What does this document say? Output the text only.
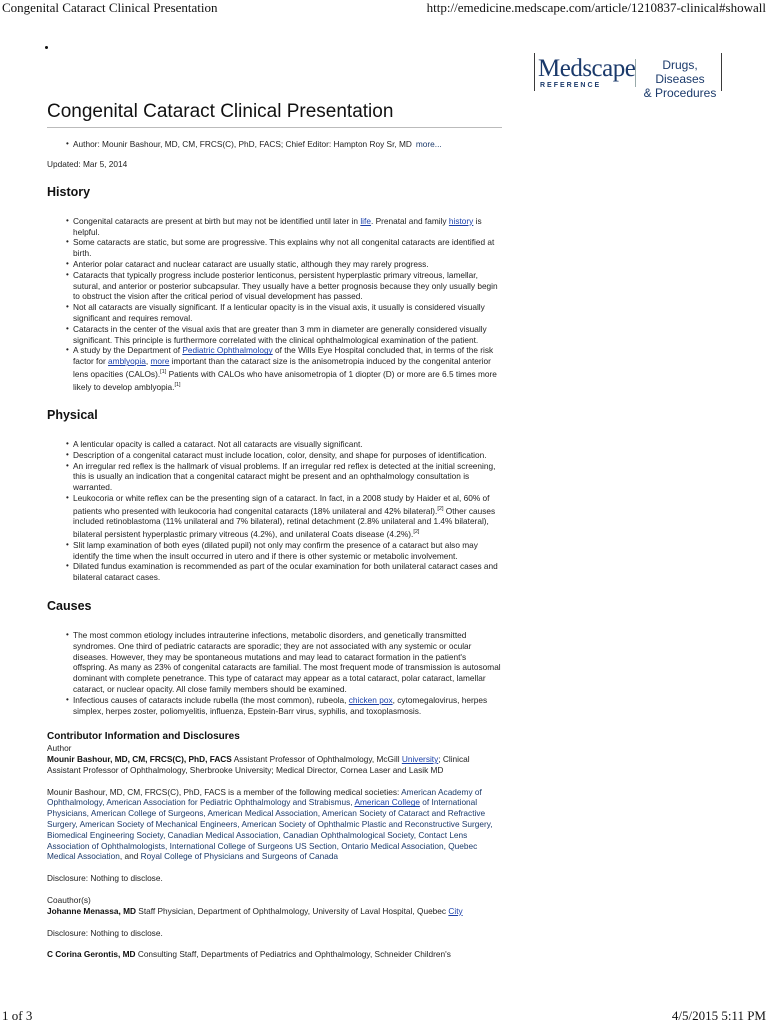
Congenital Cataract Clinical Presentation	http://emedicine.medscape.com/article/1210837-clinical#showall
Medscape
REFERENCE
Drugs, Diseases
& Procedures
Congenital Cataract Clinical Presentation
• Author: Mounir Bashour, MD, CM, FRCS(C), PhD, FACS; Chief Editor: Hampton Roy Sr, MD more...
Updated: Mar 5, 2014
History
• Congenital cataracts are present at birth but may not be identified until later in life. Prenatal and family history is helpful.
• Some cataracts are static, but some are progressive. This explains why not all congenital cataracts are identified at birth.
• Anterior polar cataract and nuclear cataract are usually static, although they may rarely progress.
• Cataracts that typically progress include posterior lenticonus, persistent hyperplastic primary vitreous, lamellar, sutural, and anterior or posterior subcapsular. They usually have a better prognosis because they only usually begin to obstruct the vision after the critical period of visual development has passed.
• Not all cataracts are visually significant. If a lenticular opacity is in the visual axis, it usually is considered visually significant and requires removal.
• Cataracts in the center of the visual axis that are greater than 3 mm in diameter are generally considered visually significant. This principle is furthermore correlated with the clinical ophthalmological examination of the patient.
• A study by the Department of Pediatric Ophthalmology of the Wills Eye Hospital concluded that, in terms of the risk factor for amblyopia, more important than the cataract size is the anisometropia induced by the congenital anterior lens opacities (CALOs).[1] Patients with CALOs who have anisometropia of 1 diopter (D) or more are 6.5 times more likely to develop amblyopia.[1]
Physical
• A lenticular opacity is called a cataract. Not all cataracts are visually significant.
• Description of a congenital cataract must include location, color, density, and shape for purposes of identification.
• An irregular red reflex is the hallmark of visual problems. If an irregular red reflex is detected at the initial screening, this is usually an indication that a congenital cataract might be present and an ophthalmology consultation is warranted.
• Leukocoria or white reflex can be the presenting sign of a cataract. In fact, in a 2008 study by Haider et al, 60% of patients who presented with leukocoria had congenital cataracts (18% unilateral and 42% bilateral).[2] Other causes included retinoblastoma (11% unilateral and 7% bilateral), retinal detachment (2.8% unilateral and 1.4% bilateral), bilateral persistent hyperplastic primary vitreous (4.2%), and unilateral Coats disease (4.2%).[2]
• Slit lamp examination of both eyes (dilated pupil) not only may confirm the presence of a cataract but also may identify the time when the insult occurred in utero and if there is other systemic or metabolic involvement.
• Dilated fundus examination is recommended as part of the ocular examination for both unilateral cataract cases and bilateral cataract cases.
Causes
• The most common etiology includes intrauterine infections, metabolic disorders, and genetically transmitted syndromes. One third of pediatric cataracts are sporadic; they are not associated with any systemic or ocular diseases. However, they may be spontaneous mutations and may lead to cataract formation in the patient's offspring. As many as 23% of congenital cataracts are familial. The most frequent mode of transmission is autosomal dominant with complete penetrance. This type of cataract may appear as a total cataract, polar cataract, lamellar cataract, or nuclear opacity. All close family members should be examined.
• Infectious causes of cataracts include rubella (the most common), rubeola, chicken pox, cytomegalovirus, herpes simplex, herpes zoster, poliomyelitis, influenza, Epstein-Barr virus, syphilis, and toxoplasmosis.
Contributor Information and Disclosures

Author

Mounir Bashour, MD, CM, FRCS(C), PhD, FACS Assistant Professor of Ophthalmology, McGill University; Clinical Assistant Professor of Ophthalmology, Sherbrooke University; Medical Director, Cornea Laser and Lasik MD

Mounir Bashour, MD, CM, FRCS(C), PhD, FACS is a member of the following medical societies: American Academy of Ophthalmology, American Association for Pediatric Ophthalmology and Strabismus, American College of International Physicians, American College of Surgeons, American Medical Association, American Society of Cataract and Refractive Surgery, American Society of Mechanical Engineers, American Society of Ophthalmic Plastic and Reconstructive Surgery, Biomedical Engineering Society, Canadian Medical Association, Canadian Ophthalmological Society, Contact Lens Association of Ophthalmologists, International College of Surgeons US Section, Ontario Medical Association, Quebec Medical Association, and Royal College of Physicians and Surgeons of Canada

Disclosure: Nothing to disclose.

Coauthor(s)

Johanne Menassa, MD Staff Physician, Department of Ophthalmology, University of Laval Hospital, Quebec City

Disclosure: Nothing to disclose.

C Corina Gerontis, MD Consulting Staff, Departments of Pediatrics and Ophthalmology, Schneider Children's

1 of 3	4/5/2015 5:11 PM
